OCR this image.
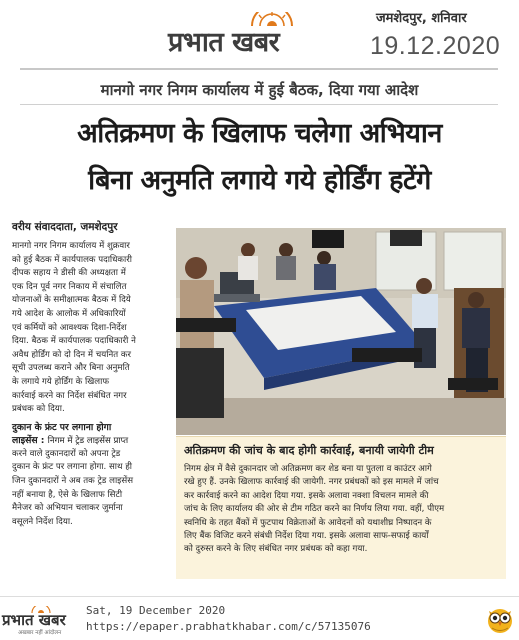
प्रभात खबर
जमशेदपुर, शनिवार
19.12.2020
मानगो नगर निगम कार्यालय में हुई बैठक, दिया गया आदेश
अतिक्रमण के खिलाफ चलेगा अभियान
बिना अनुमति लगाये गये होर्डिंग हटेंगे
वरीय संवाददाता, जमशेदपुर
मानगो नगर निगम कार्यालय में शुक्रवार
को हुई बैठक में कार्यपालक पदाधिकारी
दीपक सहाय ने डीसी की अध्यक्षता में
एक दिन पूर्व नगर निकाय में संचालित
योजनाओं के समीक्षात्मक बैठक में दिये
गये आदेश के आलोक में अधिकारियों
एवं कर्मियों को आवश्यक दिशा-निर्देश
दिया. बैठक में कार्यपालक पदाधिकारी ने
अवैध होर्डिंग को दो दिन में चयनित कर
सूची उपलब्ध कराने और बिना अनुमति
के लगाये गये होर्डिंग के खिलाफ
कार्रवाई करने का निर्देश संबंधित नगर
प्रबंधक को दिया.
दुकान के फ्रंट पर लगाना होगा
लाइसेंस : निगम में ट्रेड लाइसेंस प्राप्त
करने वाले दुकानदारों को अपना ट्रेड
दुकान के फ्रंट पर लगाना होगा. साथ ही
जिन दुकानदारों ने अब तक ट्रेड लाइसेंस
नहीं बनाया है, ऐसे के खिलाफ सिटी
मैनेजर को अभियान चलाकर जुर्माना
वसूलने निर्देश दिया.
अतिक्रमण की जांच के बाद होगी कार्रवाई, बनायी जायेगी टीम
निगम क्षेत्र में वैसे दुकानदार जो अतिक्रमण कर शेड बना या पुतला व काउंटर आगे
रखे हुए हैं. उनके खिलाफ कार्रवाई की जायेगी. नगर प्रबंधकों को इस मामले में जांच
कर कार्रवाई करने का आदेश दिया गया. इसके अलावा नक्शा विचलन मामले की
जांच के लिए कार्यालय की ओर से टीम गठित करने का निर्णय लिया गया. वहीं, पीएम
स्वनिधि के तहत बैंकों में फुटपाथ विक्रेताओं के आवेदनों को यथाशीघ्र निष्पादन के
लिए बैंक विजिट करने संबंधी निर्देश दिया गया. इसके अलावा साफ-सफाई कार्यों
को दुरुस्त करने के लिए संबंधित नगर प्रबंधक को कहा गया.
प्रभात खबर
अखबार नहीं आंदोलन
Sat, 19 December 2020
https://epaper.prabhatkhabar.com/c/57135076
